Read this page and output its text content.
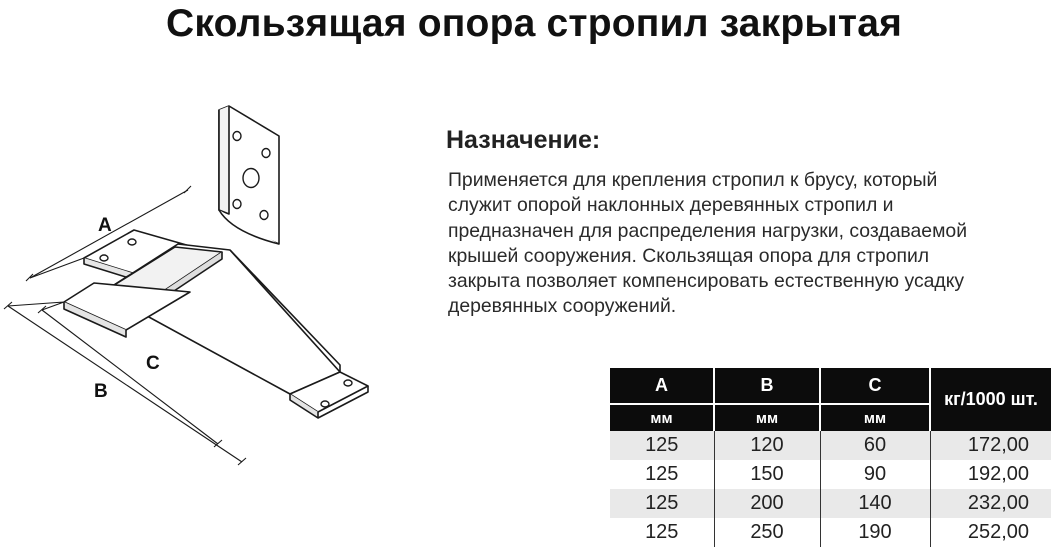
Скользящая опора стропил закрытая
A
C
B
Назначение:
Применяется для крепления стропил к брусу, который
служит опорой наклонных деревянных стропил и
предназначен для распределения нагрузки, создаваемой
крышей сооружения. Скользящая опора для стропил
закрыта позволяет компенсировать естественную усадку
деревянных сооружений.
A	B	C	кг/1000 шт.
мм	мм	мм	
125	120	60	172,00
125	150	90	192,00
125	200	140	232,00
125	250	190	252,00
